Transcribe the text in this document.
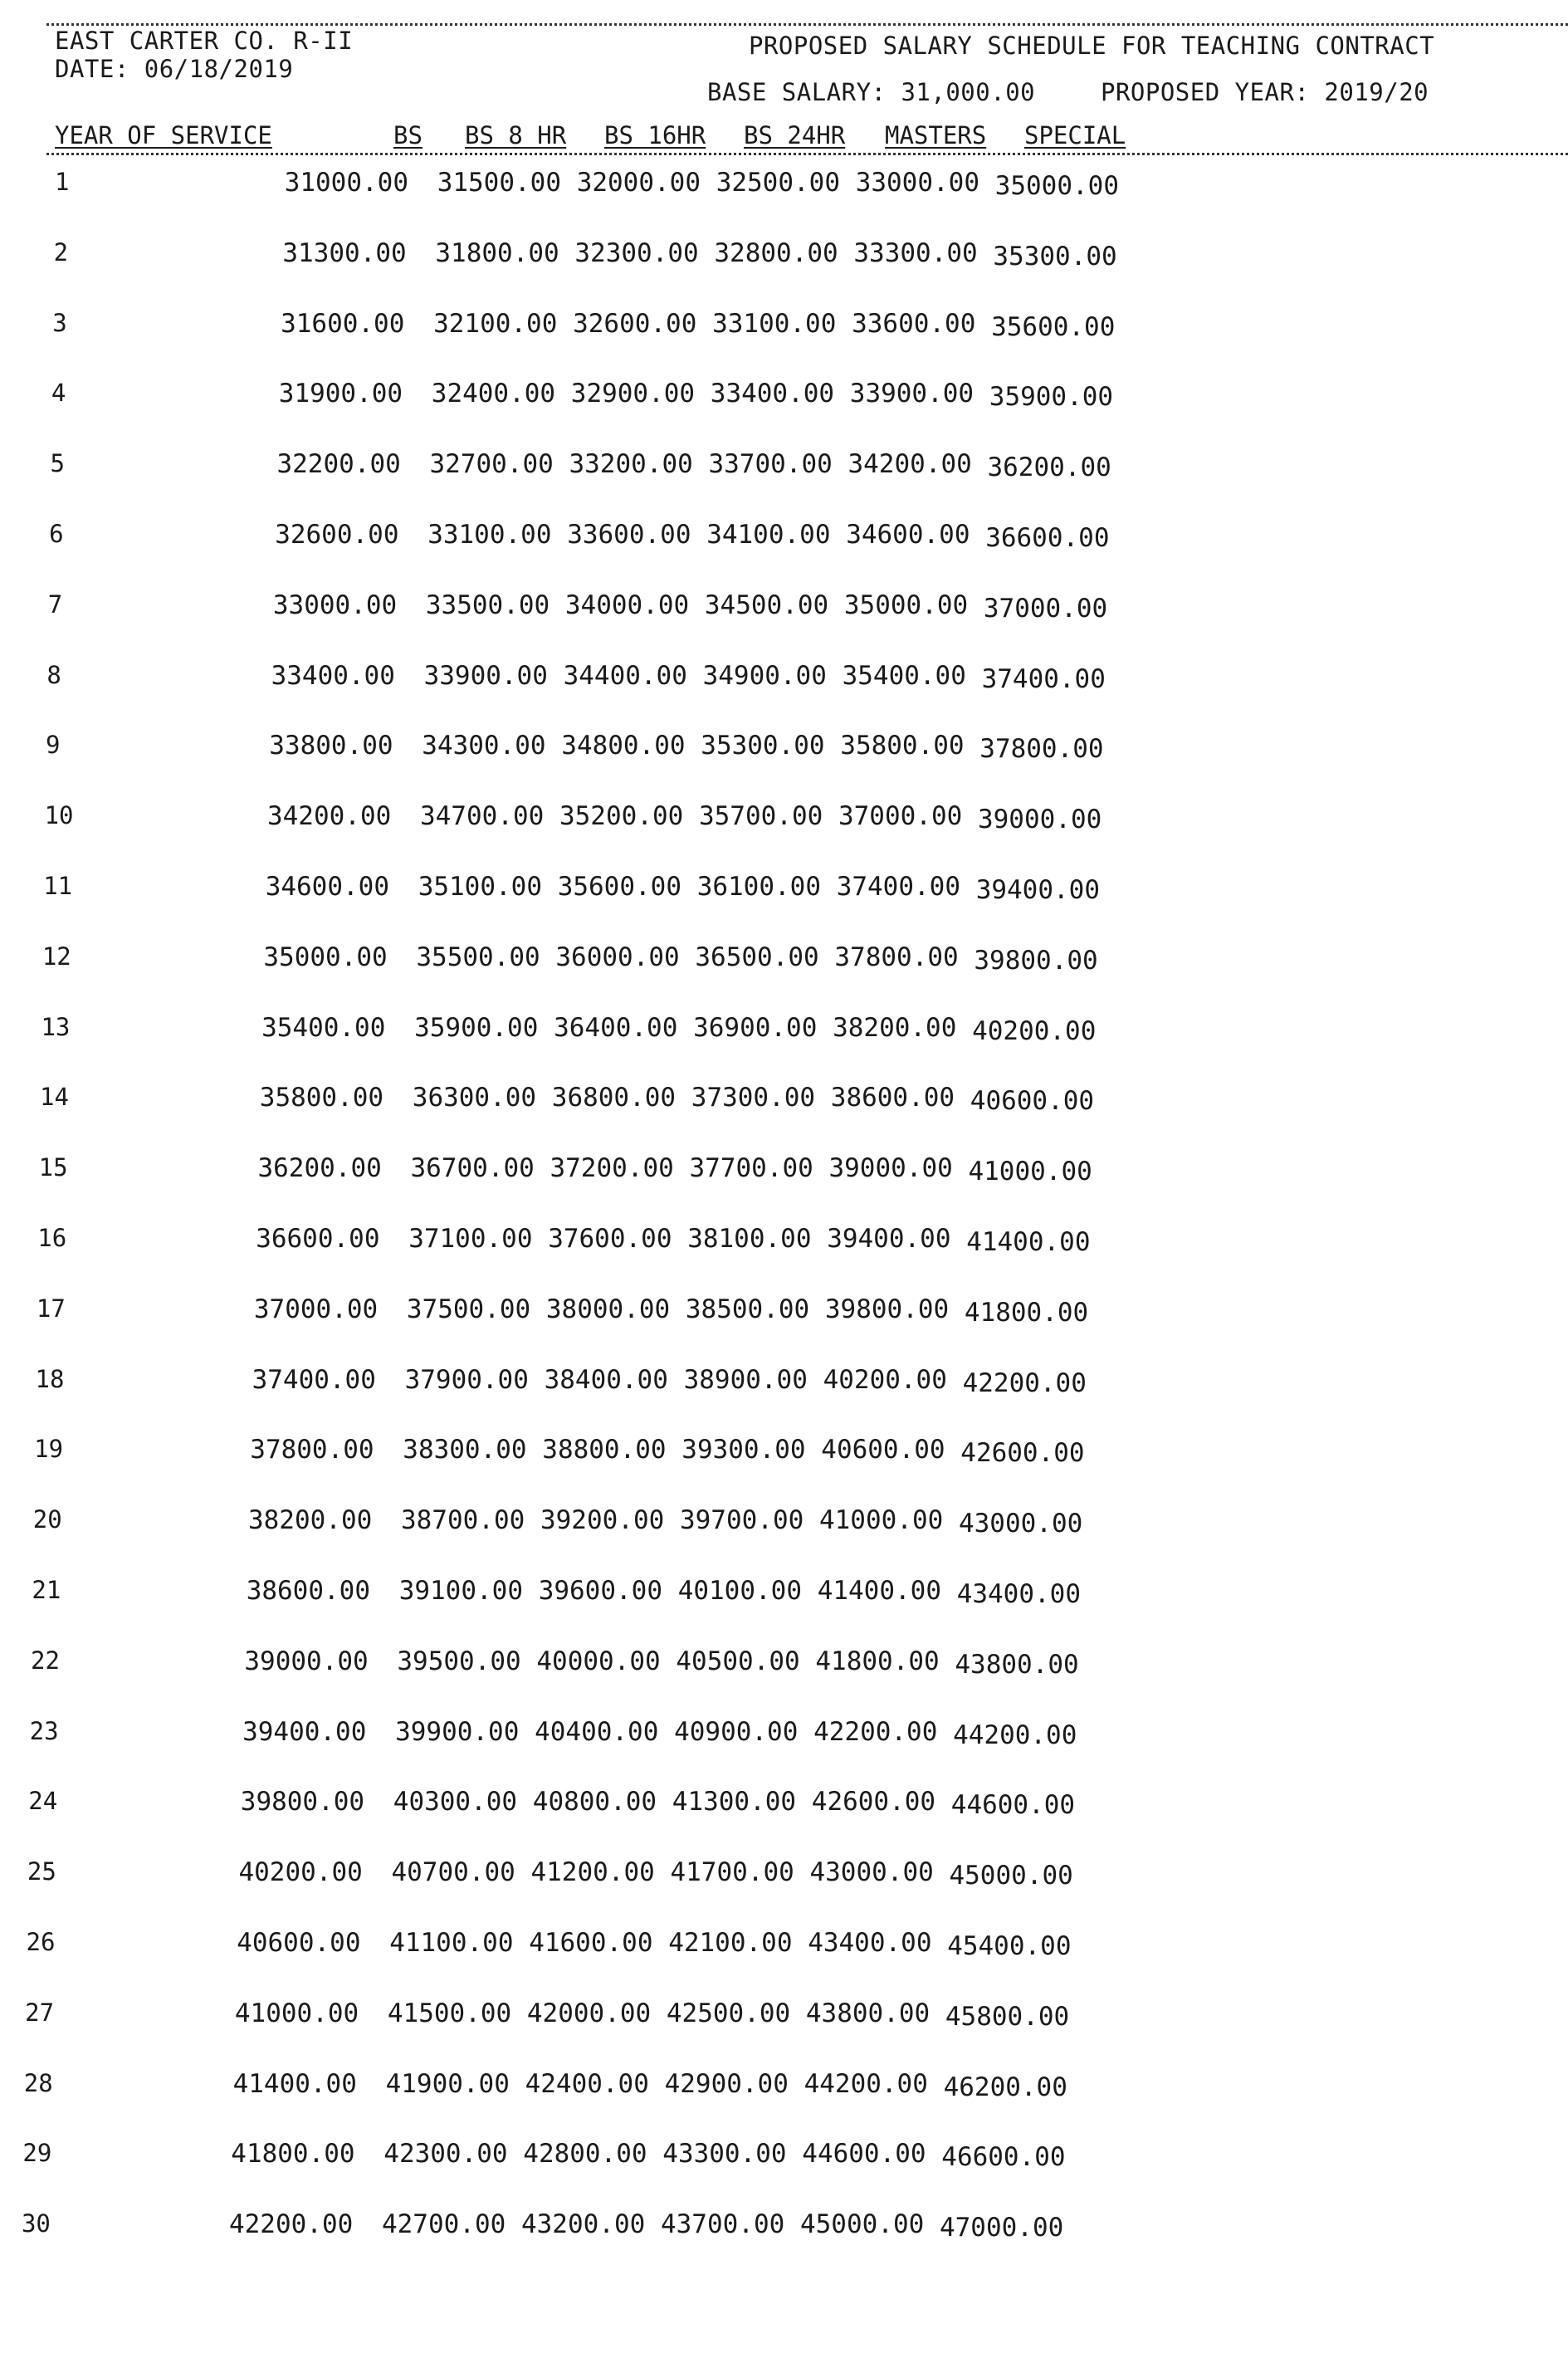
EAST CARTER CO. R-II
DATE: 06/18/2019
PROPOSED SALARY SCHEDULE FOR TEACHING CONTRACT
BASE SALARY: 31,000.00	PROPOSED YEAR: 2019/20
YEAR OF SERVICE	BS BS 8 HR BS 16HR BS 24HR MASTERS SPECIAL
1	31000.00 31500.00 32000.00 32500.00 33000.00 35000.00
2	31300.00 31800.00 32300.00 32800.00 33300.00 35300.00
3	31600.00 32100.00 32600.00 33100.00 33600.00 35600.00
4	31900.00 32400.00 32900.00 33400.00 33900.00 35900.00
5	32200.00 32700.00 33200.00 33700.00 34200.00 36200.00
6	32600.00 33100.00 33600.00 34100.00 34600.00 36600.00
7	33000.00 33500.00 34000.00 34500.00 35000.00 37000.00
8	33400.00 33900.00 34400.00 34900.00 35400.00 37400.00
9	33800.00 34300.00 34800.00 35300.00 35800.00 37800.00
10	34200.00 34700.00 35200.00 35700.00 37000.00 39000.00
11	34600.00 35100.00 35600.00 36100.00 37400.00 39400.00
12	35000.00 35500.00 36000.00 36500.00 37800.00 39800.00
13	35400.00 35900.00 36400.00 36900.00 38200.00 40200.00
14	35800.00 36300.00 36800.00 37300.00 38600.00 40600.00
15	36200.00 36700.00 37200.00 37700.00 39000.00 41000.00
16	36600.00 37100.00 37600.00 38100.00 39400.00 41400.00
17	37000.00 37500.00 38000.00 38500.00 39800.00 41800.00
18	37400.00 37900.00 38400.00 38900.00 40200.00 42200.00
19	37800.00 38300.00 38800.00 39300.00 40600.00 42600.00
20	38200.00 38700.00 39200.00 39700.00 41000.00 43000.00
21	38600.00 39100.00 39600.00 40100.00 41400.00 43400.00
22	39000.00 39500.00 40000.00 40500.00 41800.00 43800.00
23	39400.00 39900.00 40400.00 40900.00 42200.00 44200.00
24	39800.00 40300.00 40800.00 41300.00 42600.00 44600.00
25	40200.00 40700.00 41200.00 41700.00 43000.00 45000.00
26	40600.00 41100.00 41600.00 42100.00 43400.00 45400.00
27	41000.00 41500.00 42000.00 42500.00 43800.00 45800.00
28	41400.00 41900.00 42400.00 42900.00 44200.00 46200.00
29	41800.00 42300.00 42800.00 43300.00 44600.00 46600.00
30	42200.00 42700.00 43200.00 43700.00 45000.00 47000.00
